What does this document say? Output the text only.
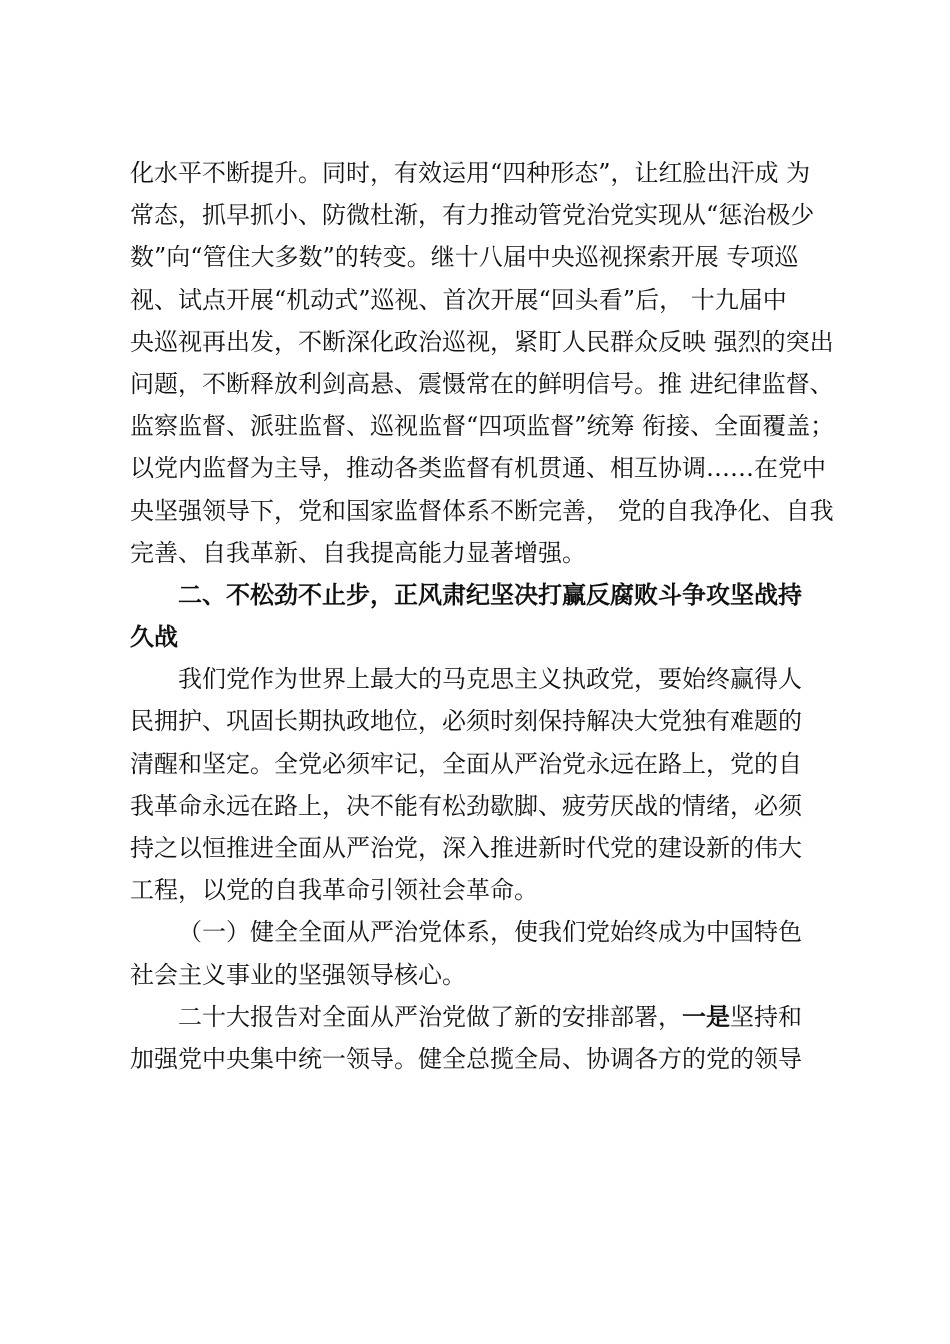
化水平不断提升。同时，有效运用“四种形态”，让红脸出汗成 为
常态，抓早抓小、防微杜渐，有力推动管党治党实现从“惩治极少
数”向“管住大多数”的转变。继十八届中央巡视探索开展 专项巡
视、试点开展“机动式”巡视、首次开展“回头看”后， 十九届中
央巡视再出发，不断深化政治巡视，紧盯人民群众反映 强烈的突出
问题，不断释放利剑高悬、震慑常在的鲜明信号。推 进纪律监督、
监察监督、派驻监督、巡视监督“四项监督”统筹 衔接、全面覆盖；
以党内监督为主导，推动各类监督有机贯通、相互协调……在党中
央坚强领导下，党和国家监督体系不断完善， 党的自我净化、自我
完善、自我革新、自我提高能力显著增强。
二、不松劲不止步，正风肃纪坚决打赢反腐败斗争攻坚战持
久战
我们党作为世界上最大的马克思主义执政党，要始终赢得人
民拥护、巩固长期执政地位，必须时刻保持解决大党独有难题的
清醒和坚定。全党必须牢记，全面从严治党永远在路上，党的自
我革命永远在路上，决不能有松劲歇脚、疲劳厌战的情绪，必须
持之以恒推进全面从严治党，深入推进新时代党的建设新的伟大
工程，以党的自我革命引领社会革命。
（一）健全全面从严治党体系，使我们党始终成为中国特色
社会主义事业的坚强领导核心。
二十大报告对全面从严治党做了新的安排部署，一是坚持和
加强党中央集中统一领导。健全总揽全局、协调各方的党的领导
